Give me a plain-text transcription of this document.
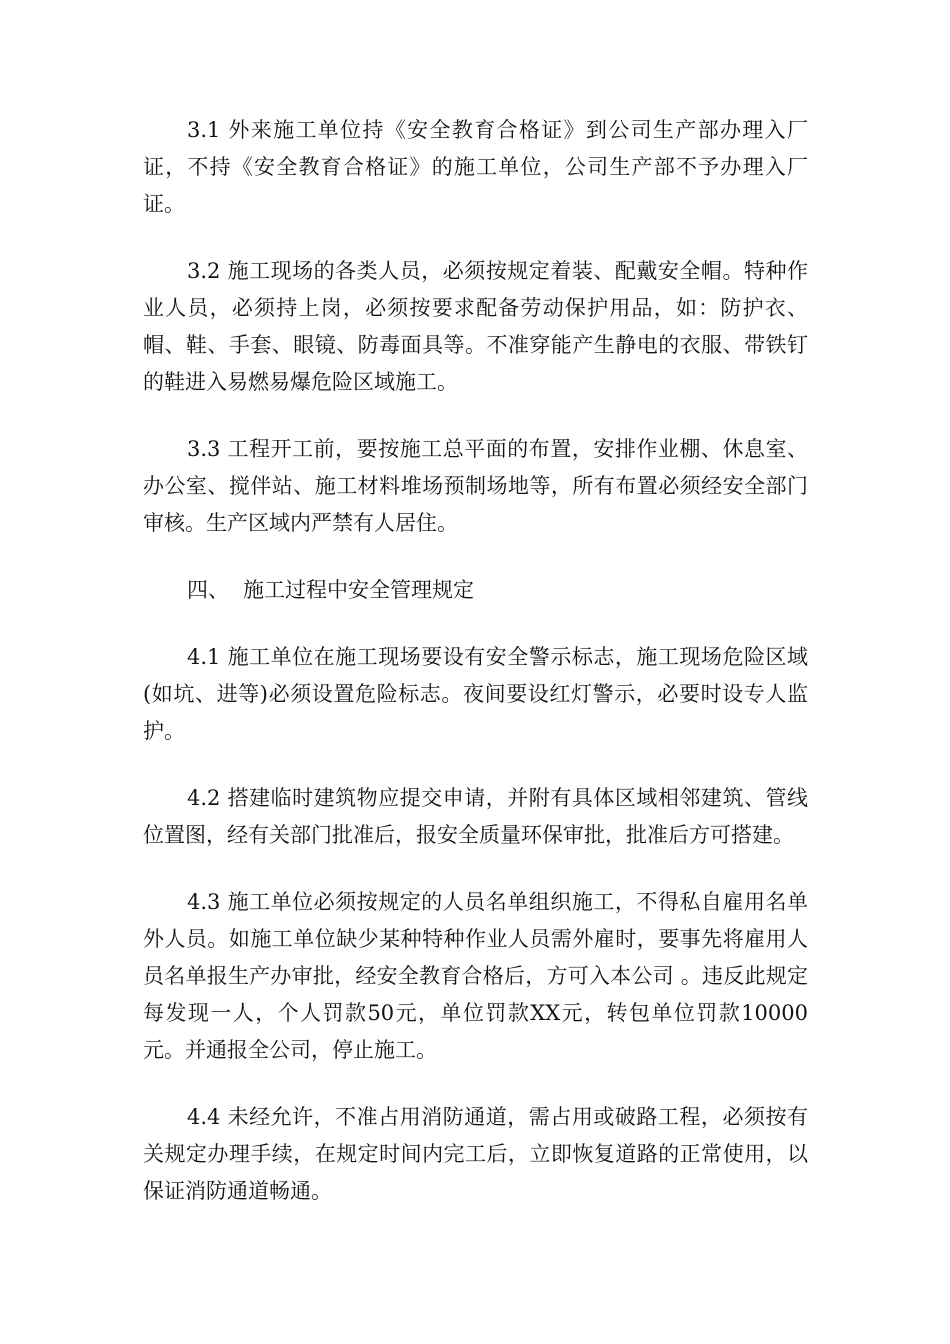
3.1 外来施工单位持《安全教育合格证》到公司生产部办理入厂证，不持《安全教育合格证》的施工单位，公司生产部不予办理入厂证。

3.2 施工现场的各类人员，必须按规定着装、配戴安全帽。特种作业人员，必须持上岗，必须按要求配备劳动保护用品，如：防护衣、帽、鞋、手套、眼镜、防毒面具等。不准穿能产生静电的衣服、带铁钉的鞋进入易燃易爆危险区域施工。

3.3 工程开工前，要按施工总平面的布置，安排作业棚、休息室、办公室、搅伴站、施工材料堆场预制场地等，所有布置必须经安全部门审核。生产区域内严禁有人居住。

四、 施工过程中安全管理规定

4.1 施工单位在施工现场要设有安全警示标志，施工现场危险区域(如坑、进等)必须设置危险标志。夜间要设红灯警示，必要时设专人监护。

4.2 搭建临时建筑物应提交申请，并附有具体区域相邻建筑、管线位置图，经有关部门批准后，报安全质量环保审批，批准后方可搭建。

4.3 施工单位必须按规定的人员名单组织施工，不得私自雇用名单外人员。如施工单位缺少某种特种作业人员需外雇时，要事先将雇用人员名单报生产办审批，经安全教育合格后，方可入本公司 。违反此规定每发现一人，个人罚款50元，单位罚款XX元，转包单位罚款10000元。并通报全公司，停止施工。

4.4 未经允许，不准占用消防通道，需占用或破路工程，必须按有关规定办理手续，在规定时间内完工后，立即恢复道路的正常使用，以保证消防通道畅通。
